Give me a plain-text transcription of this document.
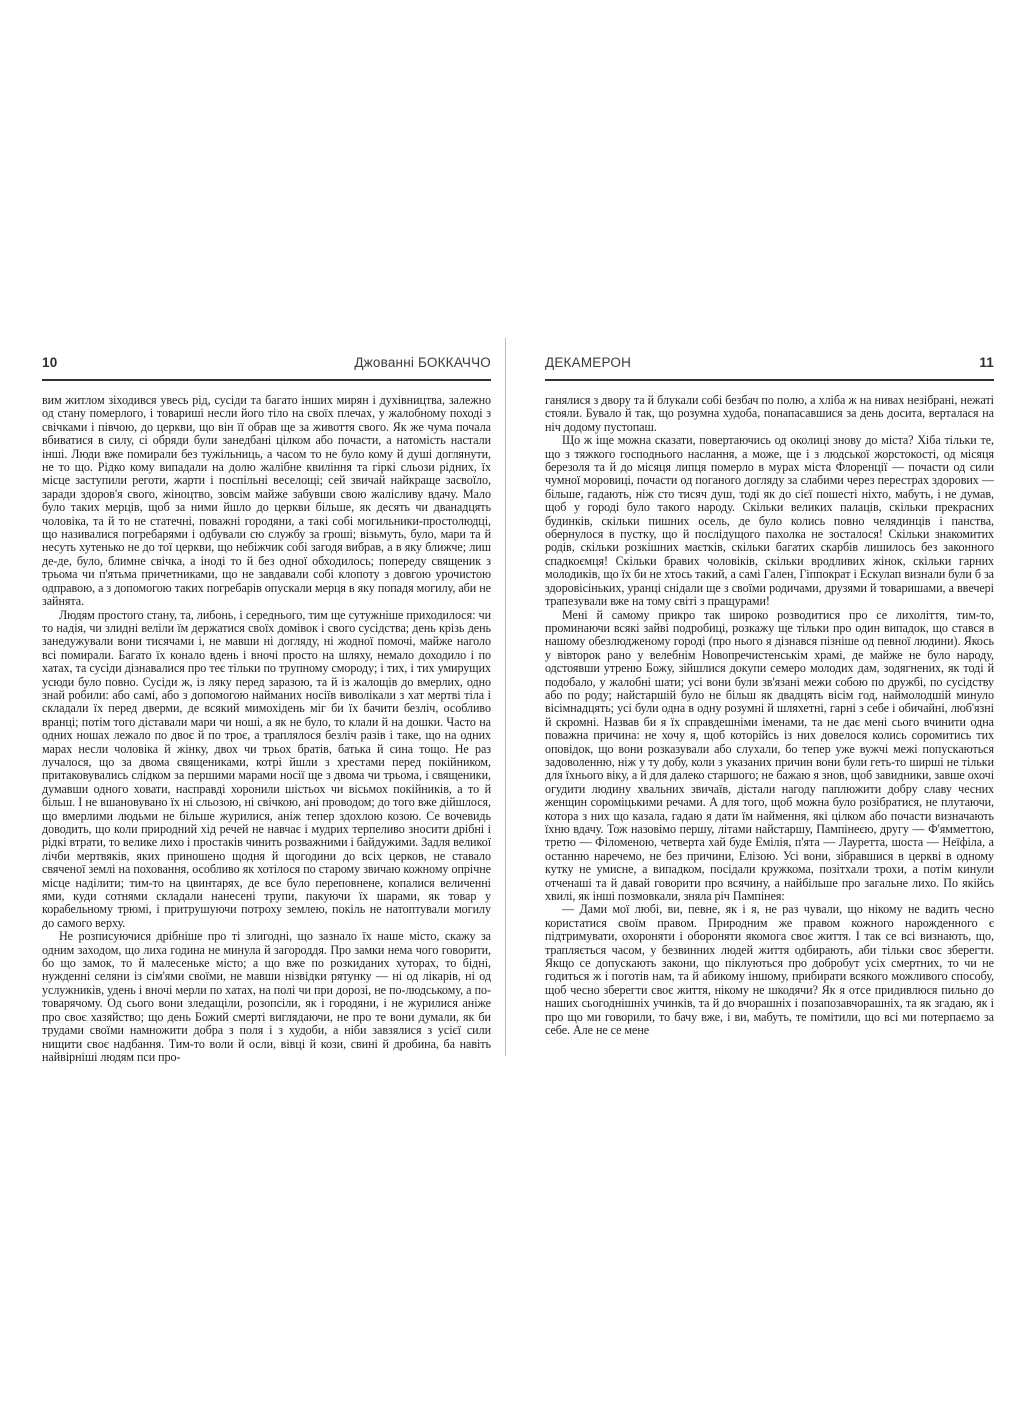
10	Джованні БОККАЧЧО

вим житлом зіходився увесь рід, сусіди та багато інших мирян і духівництва, залежно од стану померлого, і товариші несли його тіло на своїх плечах, у жалобному поході з свічками і півчою, до церкви, що він її обрав ще за живоття свого. Як же чума почала вбиватися в силу, сі обряди були занедбані цілком або почасти, а натомість настали інші. Люди вже помирали без тужільниць, а часом то не було кому й душі доглянути, не то що. Рідко кому випадали на долю жалібне квиління та гіркі сльози рідних, їх місце заступили реготи, жарти і поспільні веселощі; сей звичай найкраще засвоїло, заради здоров'я свого, жіноцтво, зовсім майже забувши свою жалісливу вдачу. Мало було таких мерців, щоб за ними йшло до церкви більше, як десять чи дванадцять чоловіка, та й то не статечні, поважні городяни, а такі собі могильники-простолюдці, що називалися погребарями і одбували сю службу за гроші; візьмуть, було, мари та й несуть хутенько не до тої церкви, що небіжчик собі загодя вибрав, а в яку ближче; лиш де-де, було, блимне свічка, а іноді то й без одної обходилось; попереду священик з трьома чи п'ятьма причетниками, що не завдавали собі клопоту з довгою урочистою одправою, а з допомогою таких погребарів опускали мерця в яку попадя могилу, аби не зайнята.

Людям простого стану, та, либонь, і середнього, тим ще сутужніше приходилося: чи то надія, чи злидні веліли їм держатися своїх домівок і свого сусідства; день крізь день занедужували вони тисячами і, не мавши ні догляду, ні жодної помочі, майже наголо всі помирали. Багато їх конало вдень і вночі просто на шляху, немало доходило і по хатах, та сусіди дізнавалися про теє тільки по трупному смороду; і тих, і тих умирущих усюди було повно. Сусіди ж, із ляку перед заразою, та й із жалощів до вмерлих, одно знай робили: або самі, або з допомогою найманих носіїв виволікали з хат мертві тіла і складали їх перед дверми, де всякий мимохідень міг би їх бачити безліч, особливо вранці; потім того діставали мари чи ноші, а як не було, то клали й на дошки. Часто на одних ношах лежало по двоє й по троє, а траплялося безліч разів і таке, що на одних марах несли чоловіка й жінку, двох чи трьох братів, батька й сина тощо. Не раз лучалося, що за двома священиками, котрі йшли з хрестами перед покійником, притаковувались слідком за першими марами носії ще з двома чи трьома, і священики, думавши одного ховати, насправді хоронили шістьох чи вісьмох покійників, а то й більш. І не вшановувано їх ні сльозою, ні свічкою, ані проводом; до того вже дійшлося, що вмерлими людьми не більше журилися, аніж тепер здохлою козою. Се вочевидь доводить, що коли природний хід речей не навчає і мудрих терпеливо зносити дрібні і рідкі втрати, то велике лихо і простаків чинить розважними і байдужими. Задля великої лічби мертвяків, яких приношено щодня й щогодини до всіх церков, не ставало свяченої землі на поховання, особливо як хотілося по старому звичаю кожному опрічне місце наділити; тим-то на цвинтарях, де все було переповнене, копалися величенні ями, куди сотнями складали нанесені трупи, пакуючи їх шарами, як товар у корабельному трюмі, і притрушуючи потроху землею, покіль не натоптували могилу до самого верху.

Не розписуючися дрібніше про ті злигодні, що зазнало їх наше місто, скажу за одним заходом, що лиха година не минула й загороддя. Про замки нема чого говорити, бо що замок, то й малесеньке місто; а що вже по розкиданих хуторах, то бідні, нужденні селяни із сім'ями своїми, не мавши нізвідки рятунку — ні од лікарів, ні од услужників, удень і вночі мерли по хатах, на полі чи при дорозі, не по-людському, а по-товарячому. Од сього вони зледащіли, розопсіли, як і городяни, і не журилися аніже про своє хазяйство; що день Божий смерті виглядаючи, не про те вони думали, як би трудами своїми намножити добра з поля і з худоби, а ніби завзялися з усієї сили нищити своє надбання. Тим-то воли й осли, вівці й кози, свині й дробина, ба навіть найвірніші людям пси про-

ДЕКАМЕРОН	11

ганялися з двору та й блукали собі безбач по полю, а хліба ж на нивах незібрані, нежаті стояли. Бувало й так, що розумна худоба, понапасавшися за день досита, верталася на ніч додому пустопаш.

Що ж іще можна сказати, повертаючись од околиці знову до міста? Хіба тільки те, що з тяжкого господнього наслання, а може, ще і з людської жорстокості, од місяця березоля та й до місяця липця померло в мурах міста Флоренції — почасти од сили чумної моровиці, почасти од поганого догляду за слабими через перестрах здорових — більше, гадають, ніж сто тисяч душ, тоді як до сієї пошесті ніхто, мабуть, і не думав, щоб у городі було такого народу. Скільки великих палаців, скільки прекрасних будинків, скільки пишних осель, де було колись повно челядинців і панства, обернулося в пустку, що й послідущого пахолка не зосталося! Скільки знакомитих родів, скільки розкішних маєтків, скільки багатих скарбів лишилось без законного спадкоємця! Скільки бравих чоловіків, скільки вродливих жінок, скільки гарних молодиків, що їх би не хтось такий, а самі Гален, Гіппократ і Ескулап визнали були б за здоровісіньких, уранці снідали ще з своїми родичами, друзями й товаришами, а ввечері трапезували вже на тому світі з пращурами!

Мені й самому прикро так широко розводитися про се лихоліття, тим-то, проминаючи всякі зайві подробиці, розкажу ще тільки про один випадок, що стався в нашому обезлюдженому городі (про нього я дізнався пізніше од певної людини). Якось у вівторок рано у велебнім Новопречистенськім храмі, де майже не було народу, одстоявши утреню Божу, зійшлися докупи семеро молодих дам, зодягнених, як тоді й подобало, у жалобні шати; усі вони були зв'язані межи собою по дружбі, по сусідству або по роду; найстаршій було не більш як двадцять вісім год, наймолодшій минуло вісімнадцять; усі були одна в одну розумні й шляхетні, гарні з себе і обичайні, люб'язні й скромні. Назвав би я їх справдешніми іменами, та не дає мені сього вчинити одна поважна причина: не хочу я, щоб которійсь із них довелося колись соромитись тих оповідок, що вони розказували або слухали, бо тепер уже вужчі межі попускаються задоволенню, ніж у ту добу, коли з указаних причин вони були геть-то ширші не тільки для їхнього віку, а й для далеко старшого; не бажаю я знов, щоб завидники, завше охочі огудити людину хвальних звичаїв, дістали нагоду паплюжити добру славу чесних женщин сороміцькими речами. А для того, щоб можна було розібратися, не плутаючи, котора з них що казала, гадаю я дати їм наймення, які цілком або почасти визначають їхню вдачу. Тож назовімо першу, літами найстаршу, Пампінеєю, другу — Ф'ямметтою, третю — Філоменою, четверта хай буде Емілія, п'ята — Лауретта, шоста — Неїфіла, а останню наречемо, не без причини, Елізою. Усі вони, зібравшися в церкві в одному кутку не умисне, а випадком, посідали кружкома, позітхали трохи, а потім кинули отченаші та й давай говорити про всячину, а найбільше про загальне лихо. По якійсь хвилі, як інші позмовкали, зняла річ Пампінея:

— Дами мої любі, ви, певне, як і я, не раз чували, що нікому не вадить чесно користатися своїм правом. Природним же правом кожного нарожденного є підтримувати, охороняти і обороняти якомога своє життя. І так се всі визнають, що, трапляється часом, у безвинних людей життя одбирають, аби тільки своє зберегти. Якщо се допускають закони, що піклуються про добробут усіх смертних, то чи не годиться ж і поготів нам, та й абикому іншому, прибирати всякого можливого способу, щоб чесно зберегти своє життя, нікому не шкодячи? Як я отсе придивлюся пильно до наших сьогоднішніх учинків, та й до вчорашніх і позапозавчорашніх, та як згадаю, як і про що ми говорили, то бачу вже, і ви, мабуть, те помітили, що всі ми потерпаємо за себе. Але не се мене
